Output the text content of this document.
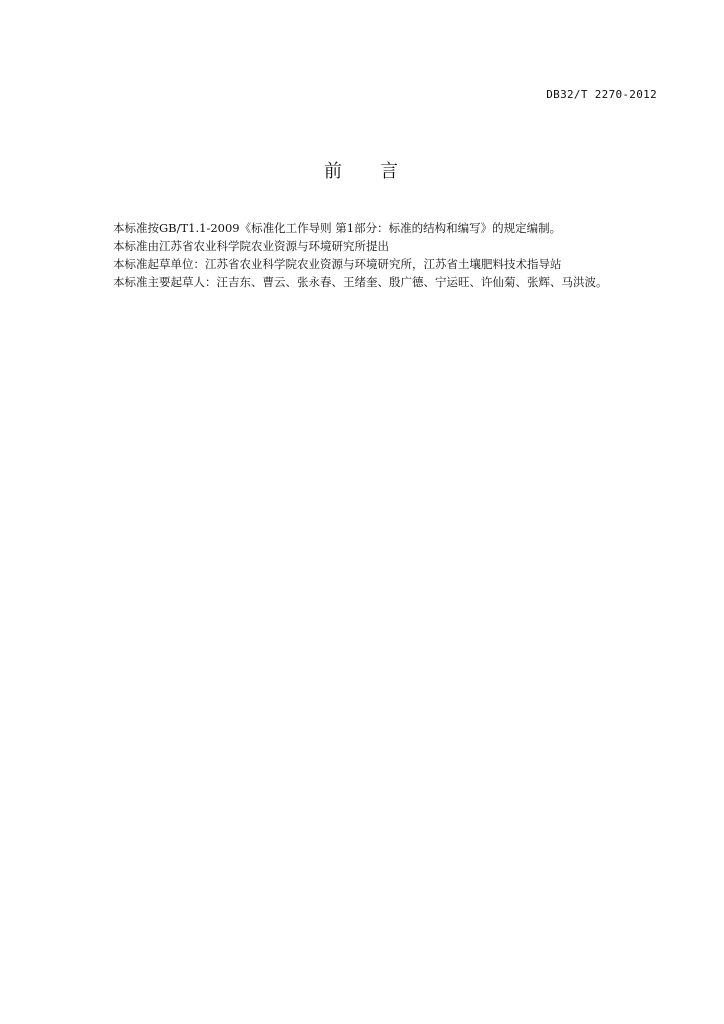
DB32/T 2270-2012
前 言

本标准按GB/T1.1-2009《标准化工作导则 第1部分：标准的结构和编写》的规定编制。

本标准由江苏省农业科学院农业资源与环境研究所提出

本标准起草单位：江苏省农业科学院农业资源与环境研究所，江苏省土壤肥料技术指导站

本标准主要起草人：汪吉东、曹云、张永春、王绪奎、殷广德、宁运旺、许仙菊、张辉、马洪波。
